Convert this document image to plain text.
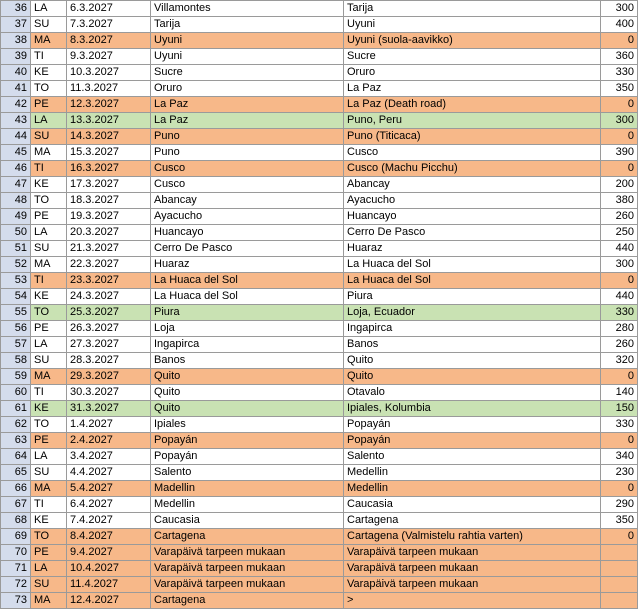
36	LA	6.3.2027	Villamontes	Tarija	300
37	SU	7.3.2027	Tarija	Uyuni	400
38	MA	8.3.2027	Uyuni	Uyuni (suola-aavikko)	0
39	TI	9.3.2027	Uyuni	Sucre	360
40	KE	10.3.2027	Sucre	Oruro	330
41	TO	11.3.2027	Oruro	La Paz	350
42	PE	12.3.2027	La Paz	La Paz (Death road)	0
43	LA	13.3.2027	La Paz	Puno, Peru	300
44	SU	14.3.2027	Puno	Puno (Titicaca)	0
45	MA	15.3.2027	Puno	Cusco	390
46	TI	16.3.2027	Cusco	Cusco (Machu Picchu)	0
47	KE	17.3.2027	Cusco	Abancay	200
48	TO	18.3.2027	Abancay	Ayacucho	380
49	PE	19.3.2027	Ayacucho	Huancayo	260
50	LA	20.3.2027	Huancayo	Cerro De Pasco	250
51	SU	21.3.2027	Cerro De Pasco	Huaraz	440
52	MA	22.3.2027	Huaraz	La Huaca del Sol	300
53	TI	23.3.2027	La Huaca del Sol	La Huaca del Sol	0
54	KE	24.3.2027	La Huaca del Sol	Piura	440
55	TO	25.3.2027	Piura	Loja, Ecuador	330
56	PE	26.3.2027	Loja	Ingapirca	280
57	LA	27.3.2027	Ingapirca	Banos	260
58	SU	28.3.2027	Banos	Quito	320
59	MA	29.3.2027	Quito	Quito	0
60	TI	30.3.2027	Quito	Otavalo	140
61	KE	31.3.2027	Quito	Ipiales, Kolumbia	150
62	TO	1.4.2027	Ipiales	Popayán	330
63	PE	2.4.2027	Popayán	Popayán	0
64	LA	3.4.2027	Popayán	Salento	340
65	SU	4.4.2027	Salento	Medellin	230
66	MA	5.4.2027	Madellin	Medellin	0
67	TI	6.4.2027	Medellin	Caucasia	290
68	KE	7.4.2027	Caucasia	Cartagena	350
69	TO	8.4.2027	Cartagena	Cartagena (Valmistelu rahtia varten)	0
70	PE	9.4.2027	Varapäivä tarpeen mukaan	Varapäivä tarpeen mukaan	
71	LA	10.4.2027	Varapäivä tarpeen mukaan	Varapäivä tarpeen mukaan	
72	SU	11.4.2027	Varapäivä tarpeen mukaan	Varapäivä tarpeen mukaan	
73	MA	12.4.2027	Cartagena	>	
